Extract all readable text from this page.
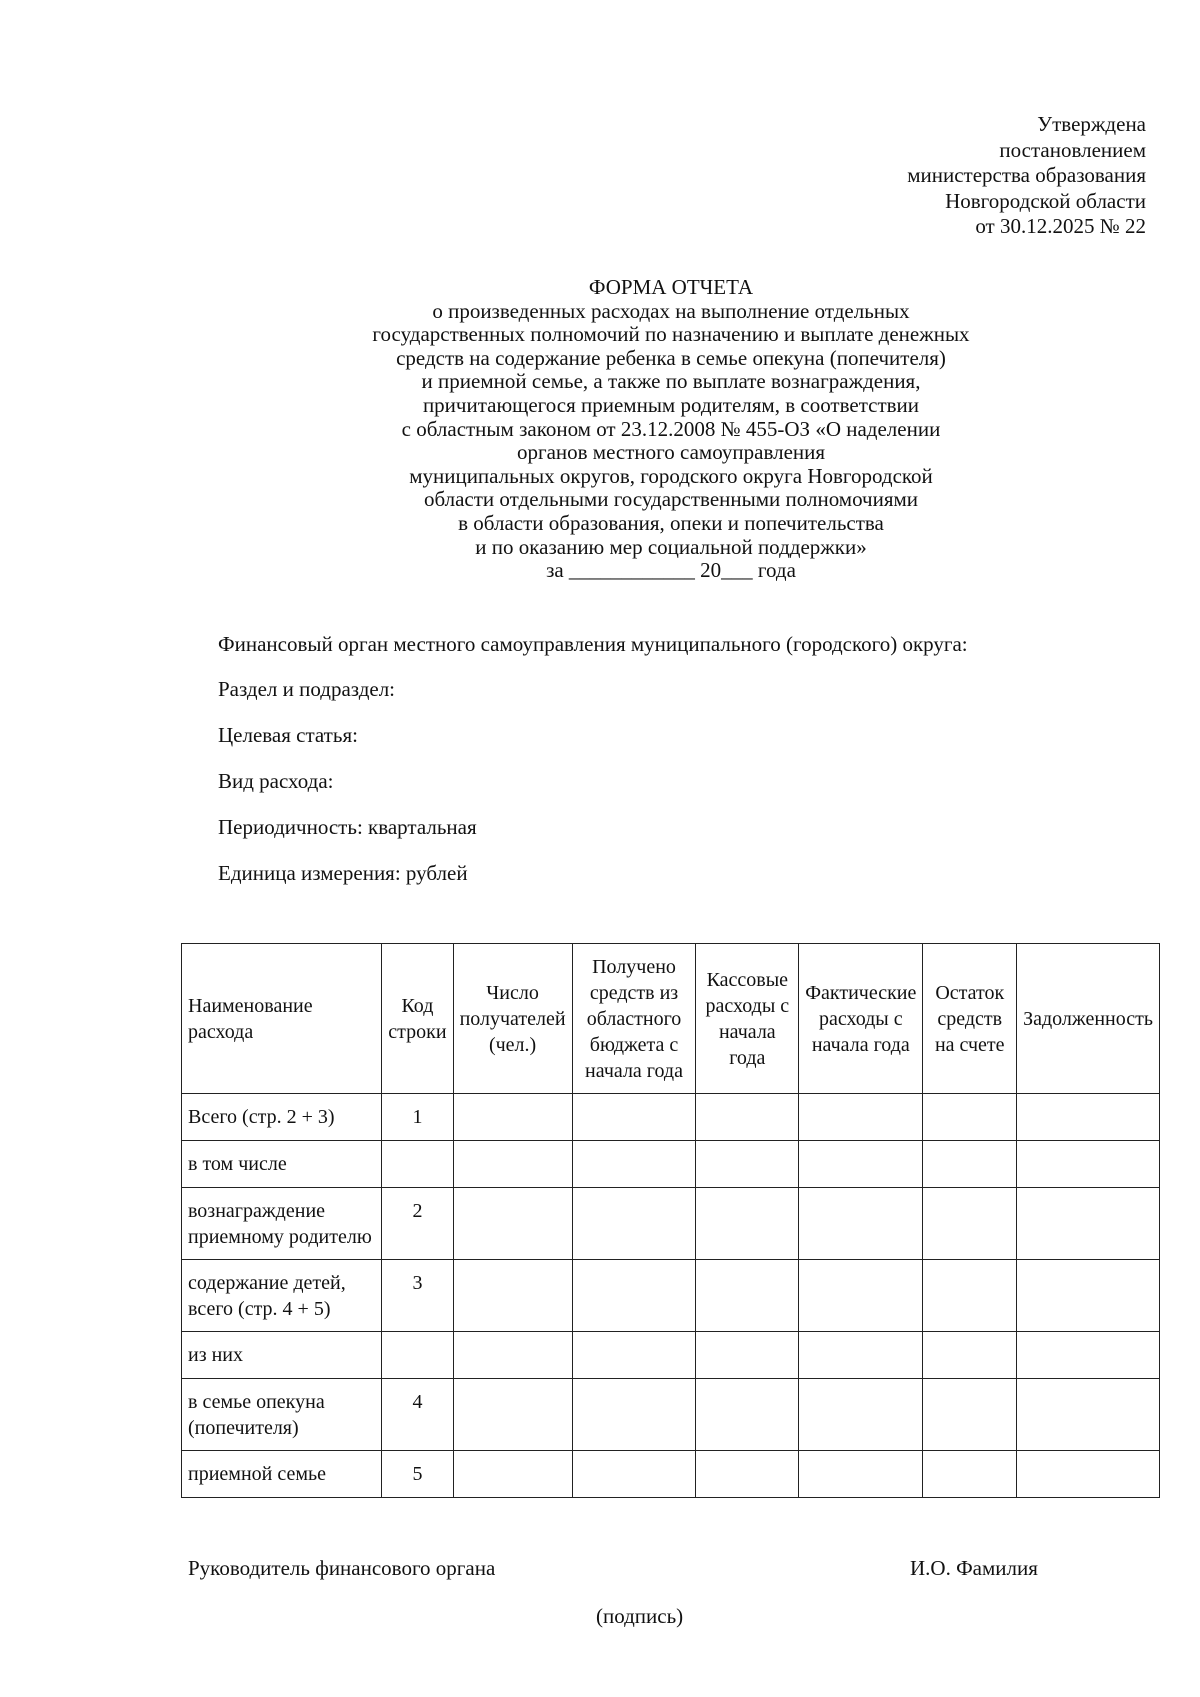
Утверждена
постановлением
министерства образования
Новгородской области
от 30.12.2025 № 22
ФОРМА ОТЧЕТА
о произведенных расходах на выполнение отдельных
государственных полномочий по назначению и выплате денежных
средств на содержание ребенка в семье опекуна (попечителя)
и приемной семье, а также по выплате вознаграждения,
причитающегося приемным родителям, в соответствии
с областным законом от 23.12.2008 № 455-ОЗ «О наделении
органов местного самоуправления
муниципальных округов, городского округа Новгородской
области отдельными государственными полномочиями
в области образования, опеки и попечительства
и по оказанию мер социальной поддержки»
за ____________ 20___ года
Финансовый орган местного самоуправления муниципального (городского) округа:
Раздел и подраздел:
Целевая статья:
Вид расхода:
Периодичность: квартальная
Единица измерения: рублей
Наименование расхода	Код строки	Число получателей (чел.)	Получено средств из областного бюджета с начала года	Кассовые расходы с начала года	Фактические расходы с начала года	Остаток средств на счете	Задолженность
Всего (стр. 2 + 3)	1						
в том числе							
вознаграждение приемному родителю	2						
содержание детей, всего (стр. 4 + 5)	3						
из них							
в семье опекуна (попечителя)	4						
приемной семье	5						
Руководитель финансового органа	И.О. Фамилия
(подпись)
